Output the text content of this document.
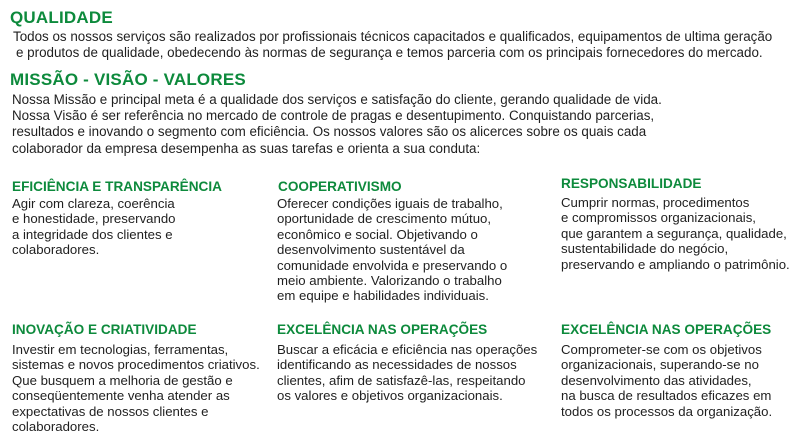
QUALIDADE

Todos os nossos serviços são realizados por profissionais técnicos capacitados e qualificados, equipamentos de ultima geração
e produtos de qualidade, obedecendo às normas de segurança e temos parceria com os principais fornecedores do mercado.

MISSÃO - VISÃO - VALORES

Nossa Missão e principal meta é a qualidade dos serviços e satisfação do cliente, gerando qualidade de vida.
Nossa Visão é ser referência no mercado de controle de pragas e desentupimento. Conquistando parcerias,
resultados e inovando o segmento com eficiência. Os nossos valores são os alicerces sobre os quais cada
colaborador da empresa desempenha as suas tarefas e orienta a sua conduta:

EFICIÊNCIA E TRANSPARÊNCIA

Agir com clareza, coerência
e honestidade, preservando
a integridade dos clientes e
colaboradores.

COOPERATIVISMO

Oferecer condições iguais de trabalho,
oportunidade de crescimento mútuo,
econômico e social. Objetivando o
desenvolvimento sustentável da
comunidade envolvida e preservando o
meio ambiente. Valorizando o trabalho
em equipe e habilidades individuais.

RESPONSABILIDADE

Cumprir normas, procedimentos
e compromissos organizacionais,
que garantem a segurança, qualidade,
sustentabilidade do negócio,
preservando e ampliando o patrimônio.

INOVAÇÃO E CRIATIVIDADE

Investir em tecnologias, ferramentas,
sistemas e novos procedimentos criativos.
Que busquem a melhoria de gestão e
conseqüentemente venha atender as
expectativas de nossos clientes e
colaboradores.

EXCELÊNCIA NAS OPERAÇÕES

Buscar a eficácia e eficiência nas operações
identificando as necessidades de nossos
clientes, afim de satisfazê-las, respeitando
os valores e objetivos organizacionais.

EXCELÊNCIA NAS OPERAÇÕES

Comprometer-se com os objetivos
organizacionais, superando-se no
desenvolvimento das atividades,
na busca de resultados eficazes em
todos os processos da organização.
